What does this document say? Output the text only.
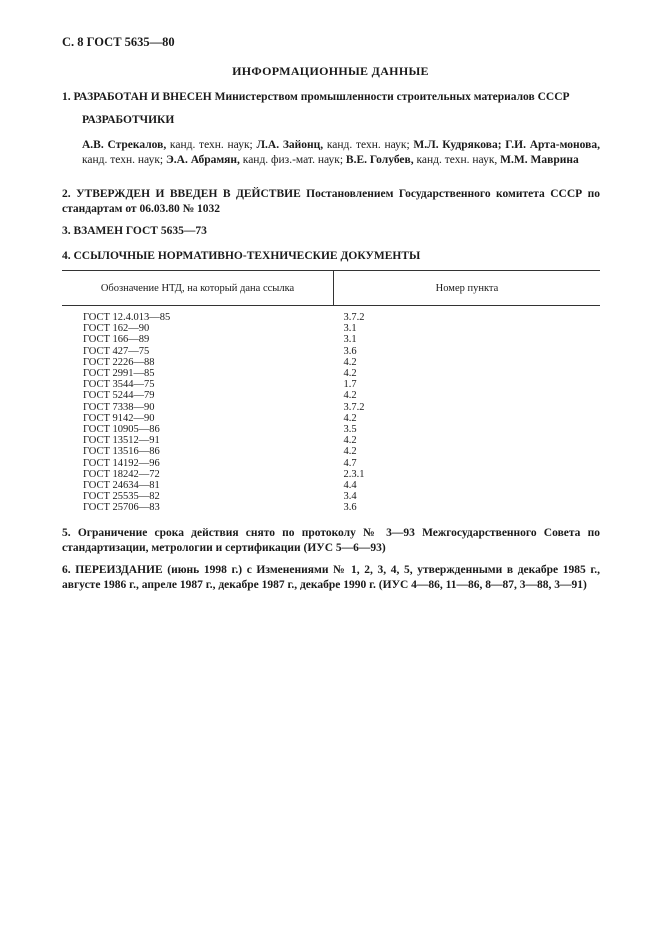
С. 8 ГОСТ 5635—80
ИНФОРМАЦИОННЫЕ ДАННЫЕ
1. РАЗРАБОТАН И ВНЕСЕН Министерством промышленности строительных материалов СССР
РАЗРАБОТЧИКИ
А.В. Стрекалов, канд. техн. наук; Л.А. Зайонц, канд. техн. наук; М.Л. Кудрякова; Г.И. Арта-монова, канд. техн. наук; Э.А. Абрамян, канд. физ.-мат. наук; В.Е. Голубев, канд. техн. наук, М.М. Маврина
2. УТВЕРЖДЕН И ВВЕДЕН В ДЕЙСТВИЕ Постановлением Государственного комитета СССР по стандартам от 06.03.80 № 1032
3. ВЗАМЕН ГОСТ 5635—73
4. ССЫЛОЧНЫЕ НОРМАТИВНО-ТЕХНИЧЕСКИЕ ДОКУМЕНТЫ
Обозначение НТД, на который дана ссылка	Номер пункта
ГОСТ 12.4.013—85	3.7.2
ГОСТ 162—90	3.1
ГОСТ 166—89	3.1
ГОСТ 427—75	3.6
ГОСТ 2226—88	4.2
ГОСТ 2991—85	4.2
ГОСТ 3544—75	1.7
ГОСТ 5244—79	4.2
ГОСТ 7338—90	3.7.2
ГОСТ 9142—90	4.2
ГОСТ 10905—86	3.5
ГОСТ 13512—91	4.2
ГОСТ 13516—86	4.2
ГОСТ 14192—96	4.7
ГОСТ 18242—72	2.3.1
ГОСТ 24634—81	4.4
ГОСТ 25535—82	3.4
ГОСТ 25706—83	3.6
5. Ограничение срока действия снято по протоколу № 3—93 Межгосударственного Совета по стандартизации, метрологии и сертификации (ИУС 5—6—93)
6. ПЕРЕИЗДАНИЕ (июнь 1998 г.) с Изменениями № 1, 2, 3, 4, 5, утвержденными в декабре 1985 г., августе 1986 г., апреле 1987 г., декабре 1987 г., декабре 1990 г. (ИУС 4—86, 11—86, 8—87, 3—88, 3—91)
